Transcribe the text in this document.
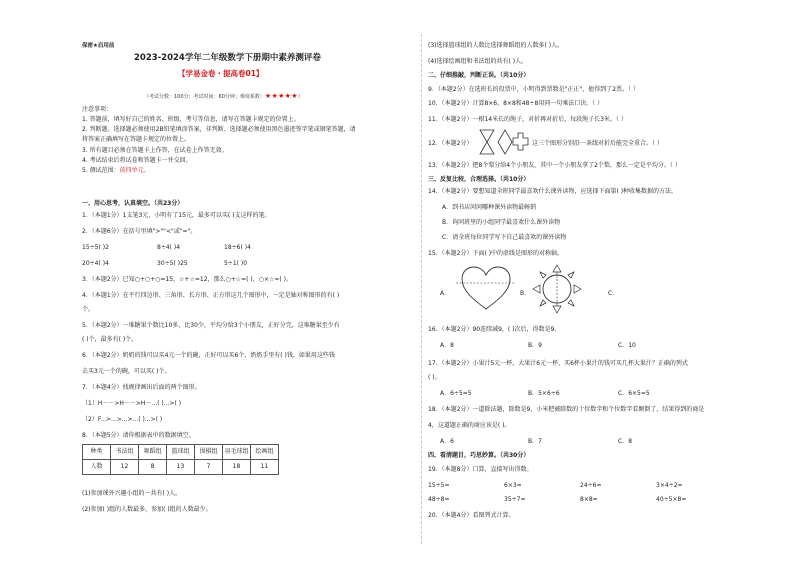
保密★启用前
2023-2024学年二年级数学下册期中素养测评卷
【学易金卷・提高卷01】
（考试分数：100分；考试时间：60分钟；难度系数：★★★★★）
注意事项：
1. 答题前，填写好自己的姓名、班级、考号等信息，请写在答题卡规定的位置上。
2. 判断题、选择题必须使用2B铅笔填涂答案，非判断、选择题必须使用黑色墨迹签字笔或钢笔答题，请
将答案正确填写在答题卡规定的位置上。
3. 所有题目必须在答题卡上作答，在试卷上作答无效。
4. 考试结束后将试卷和答题卡一并交回。
5. 测试范围：前四单元。
一、用心思考，认真填空。（共23分）
1．（本题1分）1支笔3元，小明有了15元，最多可以买( )支这样的笔。
2．（本题6分）在括号里填">""<"或"="。
15÷5( )2	8÷4( )4	18÷6( )4
20÷4( )4	30÷5( )25	5÷1( )0
3．（本题2分）已知○+○+○=15，☆+☆=12，那么○+☆=( )，○×☆=( )。
4．（本题1分）在平行四边形、三角形、长方形、正方形这几个图形中，一定是轴对称图形的有( )
个。
5．（本题2分）一堆糖果个数比10多，比30少，平均分给3个小朋友，正好分完，这堆糖果至少有
( )个，最多有( )个。
6．（本题2分）奶奶的钱可以买4元一个的碗，正好可以买6个，奶奶手里有( )钱，如果用这些钱
去买3元一个的碗，可以买( )个。
7．（本题4分）找规律画出后面的两个图形。
（1）H－－>H－－>H－...( )...>( )
（2）F...>...>...>...( )...>( )
8．（本题5分）请你根据表中的数据填空。
种类	书法组	舞蹈组	篮球组	围棋组	羽毛球组	绘画组
人数	12	8	13	7	18	11
(1)参加课外兴趣小组的一共有( )人。
(2)参加( )组的人数最多，参加( )组的人数最少。
(3)选择篮球组的人数比选择舞蹈组的人数多( )人。
(4)选择绘画组和书法组的共有( )人。
二、仔细推敲，判断正误。（共10分）
9．（本题2分）在选班长的投票中，小明得到票数是"正正"，他得到了2票。（ ）
10．（本题2分）计算8×6、8×8和48÷8用同一句乘法口诀。（ ）
11．（本题2分）一根14米长的绳子，对折再对折后，每段绳子长3米。（ ）
12．（本题2分）	这三个图形分别沿一条线对折后能完全重合。（ ）
13．（本题2分）把8个梨分给4个小朋友，其中一个小朋友拿了2个梨，那么一定是平均分。（ ）
三、反复比较，合理选择。（共10分）
14．（本题2分）要想知道全班同学最喜欢什么课外读物，应选择下面第( )种收集数据的方法。
A．到书店问问哪种课外读物最畅销
B．询问班里的小组同学最喜欢什么课外读物
C．请全班每位同学写下自己最喜欢的课外读物
15．（本题2分）下面( )中的虚线是图形的对称轴。
A．	B．	C．
16．（本题2分）90连续减9，( )次后，得数是9。
A．8	B．9	C．10
17．（本题2分）小果汁5元一杯，大果汁6元一杯，买6杯小果汁的钱可买几杯大果汁？正确的列式
( )。
A．6÷5=5	B．5×6÷6	C．6×5=5
18．（本题2分）一道除法题，除数是9，小米把被除数的十位数字和个位数字看颠倒了，结果得到的商是
4，这道题正确的商应该是( )。
A．6	B．7	C．8
四、看清题目，巧思妙算。（共30分）
19．（本题8分）口算，直接写出得数。
15÷5=	6×3=	24÷6=	3×4÷2=
48÷8=	35÷7=	8×8=	40÷5×8=
20．（本题4分）看图列式计算。
